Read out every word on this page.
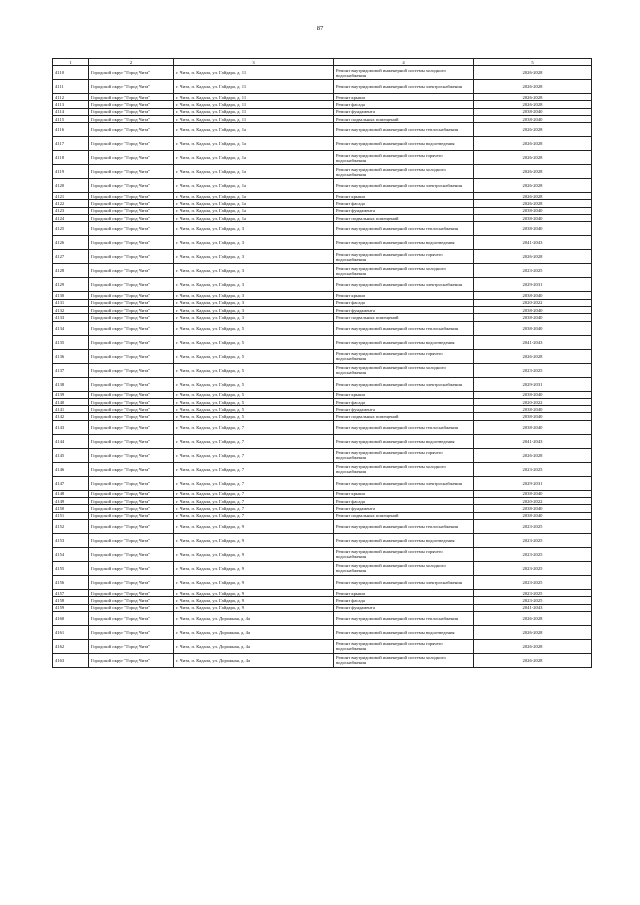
87
1	2	3	4	5
4110	Городской округ "Город Чита"	г. Чита, п. Кадала, ул. Гайдара, д. 11	Ремонт внутридомовой инженерной системы холодного водоснабжения	2026-2028
4111	Городской округ "Город Чита"	г. Чита, п. Кадала, ул. Гайдара, д. 11	Ремонт внутридомовой инженерной системы электроснабжения	2026-2028
4112	Городской округ "Город Чита"	г. Чита, п. Кадала, ул. Гайдара, д. 11	Ремонт крыши	2026-2028
4113	Городской округ "Город Чита"	г. Чита, п. Кадала, ул. Гайдара, д. 11	Ремонт фасада	2026-2028
4114	Городской округ "Город Чита"	г. Чита, п. Кадала, ул. Гайдара, д. 11	Ремонт фундамента	2038-2040
4115	Городской округ "Город Чита"	г. Чита, п. Кадала, ул. Гайдара, д. 11	Ремонт подвальных помещений	2038-2040
4116	Городской округ "Город Чита"	г. Чита, п. Кадала, ул. Гайдара, д. 1а	Ремонт внутридомовой инженерной системы теплоснабжения	2026-2028
4117	Городской округ "Город Чита"	г. Чита, п. Кадала, ул. Гайдара, д. 1а	Ремонт внутридомовой инженерной системы водоотведения	2026-2028
4118	Городской округ "Город Чита"	г. Чита, п. Кадала, ул. Гайдара, д. 1а	Ремонт внутридомовой инженерной системы горячего водоснабжения	2026-2028
4119	Городской округ "Город Чита"	г. Чита, п. Кадала, ул. Гайдара, д. 1а	Ремонт внутридомовой инженерной системы холодного водоснабжения	2026-2028
4120	Городской округ "Город Чита"	г. Чита, п. Кадала, ул. Гайдара, д. 1а	Ремонт внутридомовой инженерной системы электроснабжения	2026-2028
4121	Городской округ "Город Чита"	г. Чита, п. Кадала, ул. Гайдара, д. 1а	Ремонт крыши	2026-2028
4122	Городской округ "Город Чита"	г. Чита, п. Кадала, ул. Гайдара, д. 1а	Ремонт фасада	2026-2028
4123	Городской округ "Город Чита"	г. Чита, п. Кадала, ул. Гайдара, д. 1а	Ремонт фундамента	2038-2040
4124	Городской округ "Город Чита"	г. Чита, п. Кадала, ул. Гайдара, д. 1а	Ремонт подвальных помещений	2038-2040
4125	Городской округ "Город Чита"	г. Чита, п. Кадала, ул. Гайдара, д. 3	Ремонт внутридомовой инженерной системы теплоснабжения	2038-2040
4126	Городской округ "Город Чита"	г. Чита, п. Кадала, ул. Гайдара, д. 3	Ремонт внутридомовой инженерной системы водоотведения	2041-2043
4127	Городской округ "Город Чита"	г. Чита, п. Кадала, ул. Гайдара, д. 3	Ремонт внутридомовой инженерной системы горячего водоснабжения	2026-2028
4128	Городской округ "Город Чита"	г. Чита, п. Кадала, ул. Гайдара, д. 3	Ремонт внутридомовой инженерной системы холодного водоснабжения	2023-2025
4129	Городской округ "Город Чита"	г. Чита, п. Кадала, ул. Гайдара, д. 3	Ремонт внутридомовой инженерной системы электроснабжения	2029-2031
4130	Городской округ "Город Чита"	г. Чита, п. Кадала, ул. Гайдара, д. 3	Ремонт крыши	2038-2040
4131	Городской округ "Город Чита"	г. Чита, п. Кадала, ул. Гайдара, д. 3	Ремонт фасада	2020-2022
4132	Городской округ "Город Чита"	г. Чита, п. Кадала, ул. Гайдара, д. 3	Ремонт фундамента	2038-2040
4133	Городской округ "Город Чита"	г. Чита, п. Кадала, ул. Гайдара, д. 3	Ремонт подвальных помещений	2038-2040
4134	Городской округ "Город Чита"	г. Чита, п. Кадала, ул. Гайдара, д. 5	Ремонт внутридомовой инженерной системы теплоснабжения	2038-2040
4135	Городской округ "Город Чита"	г. Чита, п. Кадала, ул. Гайдара, д. 5	Ремонт внутридомовой инженерной системы водоотведения	2041-2043
4136	Городской округ "Город Чита"	г. Чита, п. Кадала, ул. Гайдара, д. 5	Ремонт внутридомовой инженерной системы горячего водоснабжения	2026-2028
4137	Городской округ "Город Чита"	г. Чита, п. Кадала, ул. Гайдара, д. 5	Ремонт внутридомовой инженерной системы холодного водоснабжения	2023-2025
4138	Городской округ "Город Чита"	г. Чита, п. Кадала, ул. Гайдара, д. 5	Ремонт внутридомовой инженерной системы электроснабжения	2029-2031
4139	Городской округ "Город Чита"	г. Чита, п. Кадала, ул. Гайдара, д. 5	Ремонт крыши	2038-2040
4140	Городской округ "Город Чита"	г. Чита, п. Кадала, ул. Гайдара, д. 5	Ремонт фасада	2020-2022
4141	Городской округ "Город Чита"	г. Чита, п. Кадала, ул. Гайдара, д. 5	Ремонт фундамента	2038-2040
4142	Городской округ "Город Чита"	г. Чита, п. Кадала, ул. Гайдара, д. 5	Ремонт подвальных помещений	2038-2040
4143	Городской округ "Город Чита"	г. Чита, п. Кадала, ул. Гайдара, д. 7	Ремонт внутридомовой инженерной системы теплоснабжения	2038-2040
4144	Городской округ "Город Чита"	г. Чита, п. Кадала, ул. Гайдара, д. 7	Ремонт внутридомовой инженерной системы водоотведения	2041-2043
4145	Городской округ "Город Чита"	г. Чита, п. Кадала, ул. Гайдара, д. 7	Ремонт внутридомовой инженерной системы горячего водоснабжения	2026-2028
4146	Городской округ "Город Чита"	г. Чита, п. Кадала, ул. Гайдара, д. 7	Ремонт внутридомовой инженерной системы холодного водоснабжения	2023-2025
4147	Городской округ "Город Чита"	г. Чита, п. Кадала, ул. Гайдара, д. 7	Ремонт внутридомовой инженерной системы электроснабжения	2029-2031
4148	Городской округ "Город Чита"	г. Чита, п. Кадала, ул. Гайдара, д. 7	Ремонт крыши	2038-2040
4149	Городской округ "Город Чита"	г. Чита, п. Кадала, ул. Гайдара, д. 7	Ремонт фасада	2020-2022
4150	Городской округ "Город Чита"	г. Чита, п. Кадала, ул. Гайдара, д. 7	Ремонт фундамента	2038-2040
4151	Городской округ "Город Чита"	г. Чита, п. Кадала, ул. Гайдара, д. 7	Ремонт подвальных помещений	2038-2040
4152	Городской округ "Город Чита"	г. Чита, п. Кадала, ул. Гайдара, д. 9	Ремонт внутридомовой инженерной системы теплоснабжения	2023-2025
4153	Городской округ "Город Чита"	г. Чита, п. Кадала, ул. Гайдара, д. 9	Ремонт внутридомовой инженерной системы водоотведения	2023-2025
4154	Городской округ "Город Чита"	г. Чита, п. Кадала, ул. Гайдара, д. 9	Ремонт внутридомовой инженерной системы горячего водоснабжения	2023-2025
4155	Городской округ "Город Чита"	г. Чита, п. Кадала, ул. Гайдара, д. 9	Ремонт внутридомовой инженерной системы холодного водоснабжения	2023-2025
4156	Городской округ "Город Чита"	г. Чита, п. Кадала, ул. Гайдара, д. 9	Ремонт внутридомовой инженерной системы электроснабжения	2023-2025
4157	Городской округ "Город Чита"	г. Чита, п. Кадала, ул. Гайдара, д. 9	Ремонт крыши	2023-2025
4158	Городской округ "Город Чита"	г. Чита, п. Кадала, ул. Гайдара, д. 9	Ремонт фасада	2023-2025
4159	Городской округ "Город Чита"	г. Чита, п. Кадала, ул. Гайдара, д. 9	Ремонт фундамента	2041-2043
4160	Городской округ "Город Чита"	г. Чита, п. Кадала, ул. Дорожная, д. 4а	Ремонт внутридомовой инженерной системы теплоснабжения	2026-2028
4161	Городской округ "Город Чита"	г. Чита, п. Кадала, ул. Дорожная, д. 4а	Ремонт внутридомовой инженерной системы водоотведения	2026-2028
4162	Городской округ "Город Чита"	г. Чита, п. Кадала, ул. Дорожная, д. 4а	Ремонт внутридомовой инженерной системы горячего водоснабжения	2026-2028
4163	Городской округ "Город Чита"	г. Чита, п. Кадала, ул. Дорожная, д. 4а	Ремонт внутридомовой инженерной системы холодного водоснабжения	2026-2028
